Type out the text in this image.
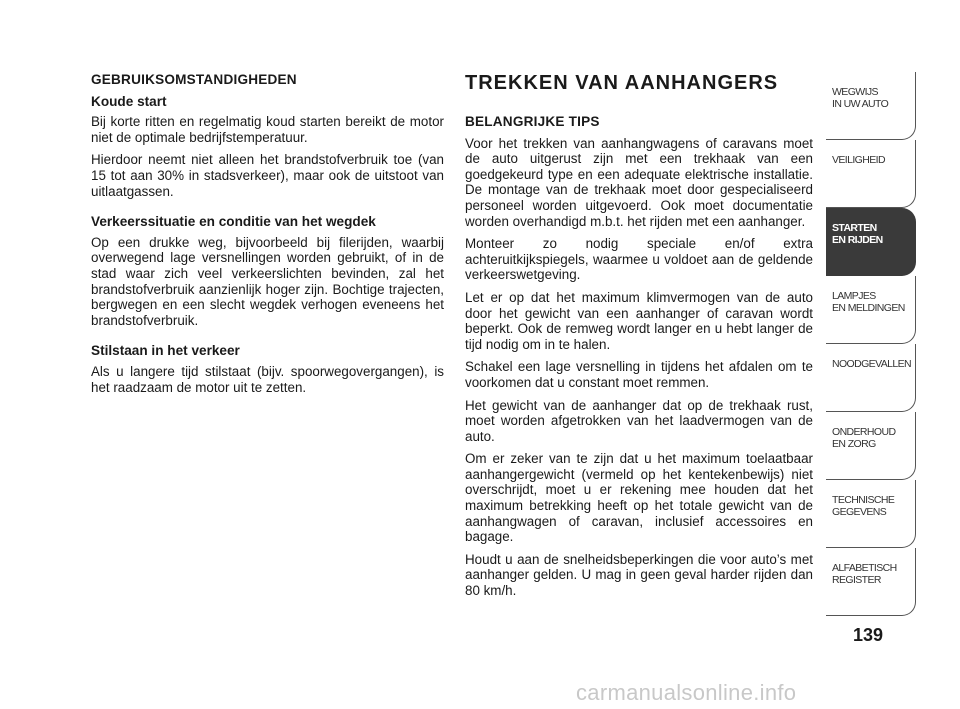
GEBRUIKSOMSTANDIGHEDEN
Koude start

Bij korte ritten en regelmatig koud starten bereikt de motor niet de optimale bedrijfstemperatuur.

Hierdoor neemt niet alleen het brandstofverbruik toe (van 15 tot aan 30% in stadsverkeer), maar ook de uitstoot van uitlaatgassen.

Verkeerssituatie en conditie van het wegdek

Op een drukke weg, bijvoorbeeld bij filerijden, waarbij overwegend lage versnellingen worden gebruikt, of in de stad waar zich veel verkeerslichten bevinden, zal het brandstofverbruik aanzienlijk hoger zijn. Bochtige trajecten, bergwegen en een slecht wegdek verhogen eveneens het brandstofverbruik.

Stilstaan in het verkeer

Als u langere tijd stilstaat (bijv. spoorwegovergangen), is het raadzaam de motor uit te zetten.

TREKKEN VAN AANHANGERS
BELANGRIJKE TIPS

Voor het trekken van aanhangwagens of caravans moet de auto uitgerust zijn met een trekhaak van een goedgekeurd type en een adequate elektrische installatie. De montage van de trekhaak moet door gespecialiseerd personeel worden uitgevoerd. Ook moet documentatie worden overhandigd m.b.t. het rijden met een aanhanger.

Monteer zo nodig speciale en/of extra achteruitkijkspiegels, waarmee u voldoet aan de geldende verkeerswetgeving.

Let er op dat het maximum klimvermogen van de auto door het gewicht van een aanhanger of caravan wordt beperkt. Ook de remweg wordt langer en u hebt langer de tijd nodig om in te halen.

Schakel een lage versnelling in tijdens het afdalen om te voorkomen dat u constant moet remmen.

Het gewicht van de aanhanger dat op de trekhaak rust, moet worden afgetrokken van het laadvermogen van de auto.

Om er zeker van te zijn dat u het maximum toelaatbaar aanhangergewicht (vermeld op het kentekenbewijs) niet overschrijdt, moet u er rekening mee houden dat het maximum betrekking heeft op het totale gewicht van de aanhangwagen of caravan, inclusief accessoires en bagage.

Houdt u aan de snelheidsbeperkingen die voor auto’s met aanhanger gelden. U mag in geen geval harder rijden dan 80 km/h.

WEGWIJS
IN UW AUTO
VEILIGHEID
STARTEN
EN RIJDEN
LAMPJES
EN MELDINGEN
NOODGEVALLEN
ONDERHOUD
EN ZORG
TECHNISCHE
GEGEVENS
ALFABETISCH
REGISTER
139
carmanualsonline.info
